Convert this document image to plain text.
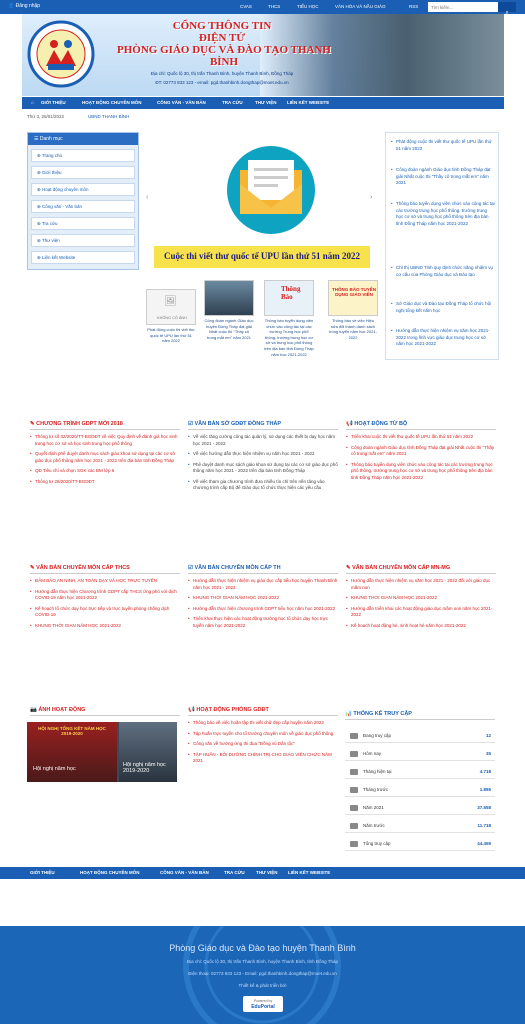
👤 Đăng nhập	CVAS	THCS	TIỂU HỌC	VĂN HÓA VÀ NẦU GIÁO	RSS
Tìm kiếm...
⌕
CỔNG THÔNG TIN ĐIỆN TỬ
PHÒNG GIÁO DỤC VÀ ĐÀO TẠO THANH BÌNH
Địa chỉ: Quốc lộ 30, thị trấn Thanh Bình, huyện Thanh Bình, Đồng Tháp
ĐT: 02773 833 123 - email: pgd.thanhbinh.dongthap@moet.edu.vn
⌂ GIỚI THIỆU	HOẠT ĐỘNG CHUYÊN MÔN	CÔNG VĂN - VĂN BẢN	TRA CỨU	THƯ VIỆN LIÊN KẾT WEBSITE
Thứ 3, 25/01/2022	UBND THANH BÌNH
☰ Danh mục
⊕ Trang chủ
⊕ Giới thiệu
⊕ Hoạt động chuyên môn
⊕ Công văn - Văn bản
⊕ Tra cứu
⊕ Thư viện
⊕ Liên kết Website
‹	›
Cuộc thi viết thư quốc tế UPU lần thứ 51 năm 2022
🖼
KHÔNG CÓ ẢNH
Phát động cuộc thi viết thư quốc tế UPU lần thứ 51 năm 2022
Công đoàn ngành Giáo dục huyện Đồng Tháp đạt giải Nhất cuộc thi "Thầy cô trong mắt em" năm 2021
Thông Báo
Thông báo tuyển dụng viên chức vào công tác tại các trường Trung học phổ thông, trường trung học cơ sở và trung học phổ thông trên địa bàn tỉnh Đồng Tháp năm học 2021-2022
THÔNG BÁO TUYỂN DỤNG GIÁO VIÊN
Thông báo về việc Hiệu sửa đổi thành danh sách trúng tuyển năm học 2021-2022
• Phát động cuộc thi viết thư quốc tế UPU lần thứ 51 năm 2022
• Công đoàn ngành Giáo dục tỉnh Đồng Tháp đạt giải Nhất cuộc thi "Thầy cô trong mắt em" năm 2021
• Thông báo tuyển dụng viên chức vào công tác tại các trường trung học phổ thông, trường trung học cơ sở và trung học phổ thông trên địa bàn tỉnh Đồng Tháp năm học 2021-2022
• Chỉ thị UBND Tỉnh quy định chức năng nhiệm vụ cơ cấu của Phòng Giáo dục và Đào tạo
• Sở Giáo dục và Đào tạo Đồng Tháp tổ chức hội nghị tổng kết năm học
• Hướng dẫn thực hiện nhiệm vụ năm học 2021-2022 trong lĩnh vực giáo dục trung học cơ sở năm học 2021-2022
✎ CHƯƠNG TRÌNH GDPT MỚI 2018
• Thông tư số 32/2020/TT-BGDĐT về việc Quy định về đánh giá học sinh trung học cơ sở và học sinh trung học phổ thông
• Quyết định phê duyệt danh mục sách giáo khoa sử dụng tại các cơ sở giáo dục phổ thông năm học 2021 - 2022 trên địa bàn tỉnh Đồng Tháp
• QĐ Tiêu chí và chọn SGK các BM lớp 6
• Thông tư 26/2020/TT-BGDĐT
☑ VĂN BẢN SỞ GDĐT ĐỒNG THÁP
• Về việc tăng cường công tác quản lý, sử dụng các thiết bị dạy học năm học 2021 - 2022
• Về việc hướng dẫn thực hiện nhiệm vụ năm học 2021 - 2022
• Phê duyệt danh mục sách giáo khoa sử dụng tại các cơ sở giáo dục phổ thông năm học 2021 - 2022 trên địa bàn tỉnh Đồng Tháp
• Về việc tham gia chương trình đưa nhiều tín chỉ trên nền tảng vào chương trình cấp Bộ để Giáo dục tổ chức thực hiện các yêu cầu
📢 HOẠT ĐỘNG TỪ BỘ
• Triển khai cuộc thi viết thư quốc tế UPU lần thứ 51 năm 2022
• Công đoàn ngành Giáo dục tỉnh Đồng Tháp đạt giải Nhất cuộc thi "Thầy cô trong mắt em" năm 2021
• Thông báo tuyển dụng viên chức vào công tác tại các trường trung học phổ thông, trường trung học cơ sở và trung học phổ thông trên địa bàn tỉnh Đồng Tháp năm học 2021-2022
✎ VĂN BẢN CHUYÊN MÔN CẤP THCS
• ĐẢM BẢO AN NINH, AN TOÀN DẠY VÀ HỌC TRỰC TUYẾN
• Hướng dẫn thực hiện Chương trình GDPT cấp THCS ứng phó với dịch COVID-19 năm học 2021-2022
• Kế hoạch tổ chức dạy học trực tiếp và trực tuyến phòng chống dịch COVID-19
• KHUNG THỜI GIAN NĂM HỌC 2021-2022
☑ VĂN BẢN CHUYÊN MÔN CẤP TH
• Hướng dẫn thực hiện nhiệm vụ giáo dục cấp tiểu học huyện Thanh Bình năm học 2021 - 2022
• KHUNG THỜI GIAN NĂM HỌC 2021-2022
• Hướng dẫn thực hiện chương trình GDPT tiểu học năm học 2021-2022
• Triển khai thực hiện các hoạt động trường học tổ chức dạy học trực tuyến năm học 2021-2022
✎ VĂN BẢN CHUYÊN MÔN CẤP MN-MG
• Hướng dẫn thực hiện nhiệm vụ năm học 2021 - 2022 đối với giáo dục mầm non
• KHUNG THỜI GIAN NĂM HỌC 2021-2022
• Hướng dẫn triển khai các hoạt động giáo dục mầm non năm học 2021-2022
• Kế hoạch hoạt động hè, sinh hoạt hè năm học 2021-2022
📷 ẢNH HOẠT ĐỘNG
HỘI NGHỊ TỔNG KẾT NĂM HỌC 2019-2020
Hội nghị năm học
Hội nghị năm học 2019-2020
📢 HOẠT ĐỘNG PHÒNG GDĐT
• Thông báo về việc hoãn tập thi viết chữ đẹp cấp huyện năm 2022
• Tập huấn trực tuyến cho tổ trưởng chuyên môn về giáo dục phổ thông
• Công văn về hưởng ứng thi đua "Đồng vũ Dân tộc"
• TẬP HUẤN - BỒI DƯỠNG CHÍNH TRỊ CHO GIÁO VIÊN CHỨC NĂM 2021
📊 THỐNG KÊ TRUY CẬP
Đang truy cập	12
Hôm nay	35
Tháng hiện tại	4.718
Tháng trước	1.895
Năm 2021	37.558
Năm trước	11.718
Tổng truy cập	44.459
GIỚI THIỆU	HOẠT ĐỘNG CHUYÊN MÔN	CÔNG VĂN - VĂN BẢN	TRA CỨU	THƯ VIỆN LIÊN KẾT WEBSITE
Phòng Giáo dục và Đào tạo huyện Thanh Bình
Địa chỉ: Quốc lộ 30, thị trấn Thanh Bình, huyện Thanh Bình, tỉnh Đồng Tháp
Điện thoại: 02773 833 123 - Email: pgd.thanhbinh.dongthap@moet.edu.vn
Thiết kế & phát triển bởi
Powered by
EduPortal
